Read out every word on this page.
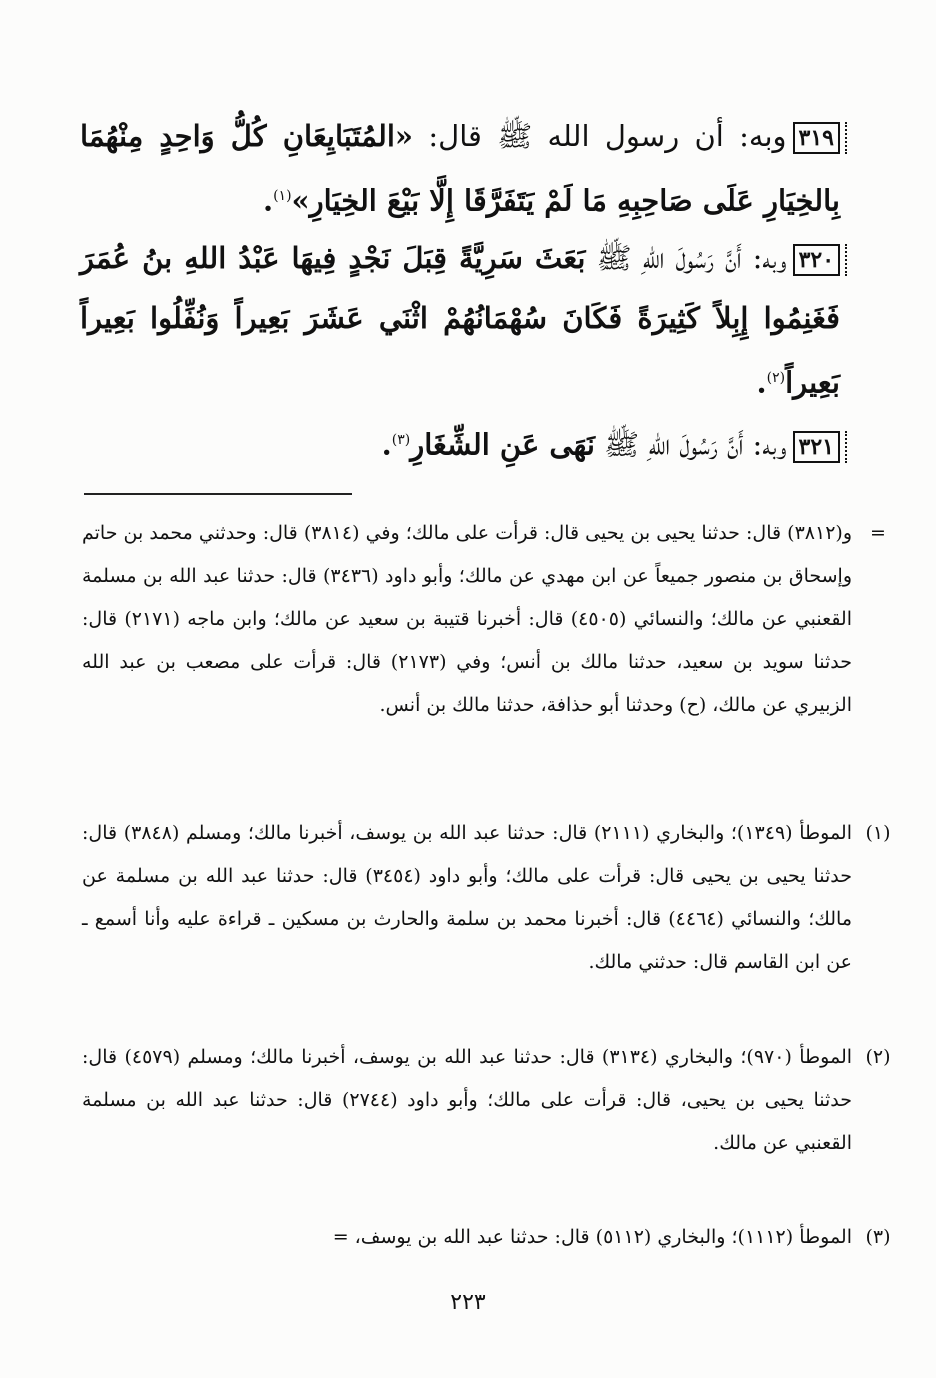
٣١٩وبه: أن رسول الله ﷺ قال: «المُتَبَايِعَانِ كُلُّ وَاحِدٍ مِنْهُمَا بِالخِيَارِ عَلَى صَاحِبِهِ مَا لَمْ يَتَفَرَّقَا إِلَّا بَيْعَ الخِيَارِ»$^{(١)}$.
٣٢٠وبه: أَنَّ رَسُولَ اللهِ ﷺ بَعَثَ سَرِيَّةً قِبَلَ نَجْدٍ فِيهَا عَبْدُ اللهِ بنُ عُمَرَ فَغَنِمُوا إِبِلاً كَثِيرَةً فَكَانَ سُهْمَانُهُمْ اثْنَي عَشَرَ بَعِيراً وَنُفِّلُوا بَعِيراً بَعِيراً$^{(٢)}$.
٣٢١وبه: أَنَّ رَسُولَ اللهِ ﷺ نَهَى عَنِ الشِّغَارِ$^{(٣)}$.
=
و(٣٨١٢) قال: حدثنا يحيى بن يحيى قال: قرأت على مالك؛ وفي (٣٨١٤) قال: وحدثني محمد بن حاتم وإسحاق بن منصور جميعاً عن ابن مهدي عن مالك؛ وأبو داود (٣٤٣٦) قال: حدثنا عبد الله بن مسلمة القعنبي عن مالك؛ والنسائي (٤٥٠٥) قال: أخبرنا قتيبة بن سعيد عن مالك؛ وابن ماجه (٢١٧١) قال: حدثنا سويد بن سعيد، حدثنا مالك بن أنس؛ وفي (٢١٧٣) قال: قرأت على مصعب بن عبد الله الزبيري عن مالك، (ح) وحدثنا أبو حذافة، حدثنا مالك بن أنس.
(١)
الموطأ (١٣٤٩)؛ والبخاري (٢١١١) قال: حدثنا عبد الله بن يوسف، أخبرنا مالك؛ ومسلم (٣٨٤٨) قال: حدثنا يحيى بن يحيى قال: قرأت على مالك؛ وأبو داود (٣٤٥٤) قال: حدثنا عبد الله بن مسلمة عن مالك؛ والنسائي (٤٤٦٤) قال: أخبرنا محمد بن سلمة والحارث بن مسكين ـ قراءة عليه وأنا أسمع ـ عن ابن القاسم قال: حدثني مالك.
(٢)
الموطأ (٩٧٠)؛ والبخاري (٣١٣٤) قال: حدثنا عبد الله بن يوسف، أخبرنا مالك؛ ومسلم (٤٥٧٩) قال: حدثنا يحيى بن يحيى، قال: قرأت على مالك؛ وأبو داود (٢٧٤٤) قال: حدثنا عبد الله بن مسلمة القعنبي عن مالك.
(٣)
الموطأ (١١١٢)؛ والبخاري (٥١١٢) قال: حدثنا عبد الله بن يوسف، =
٢٢٣
